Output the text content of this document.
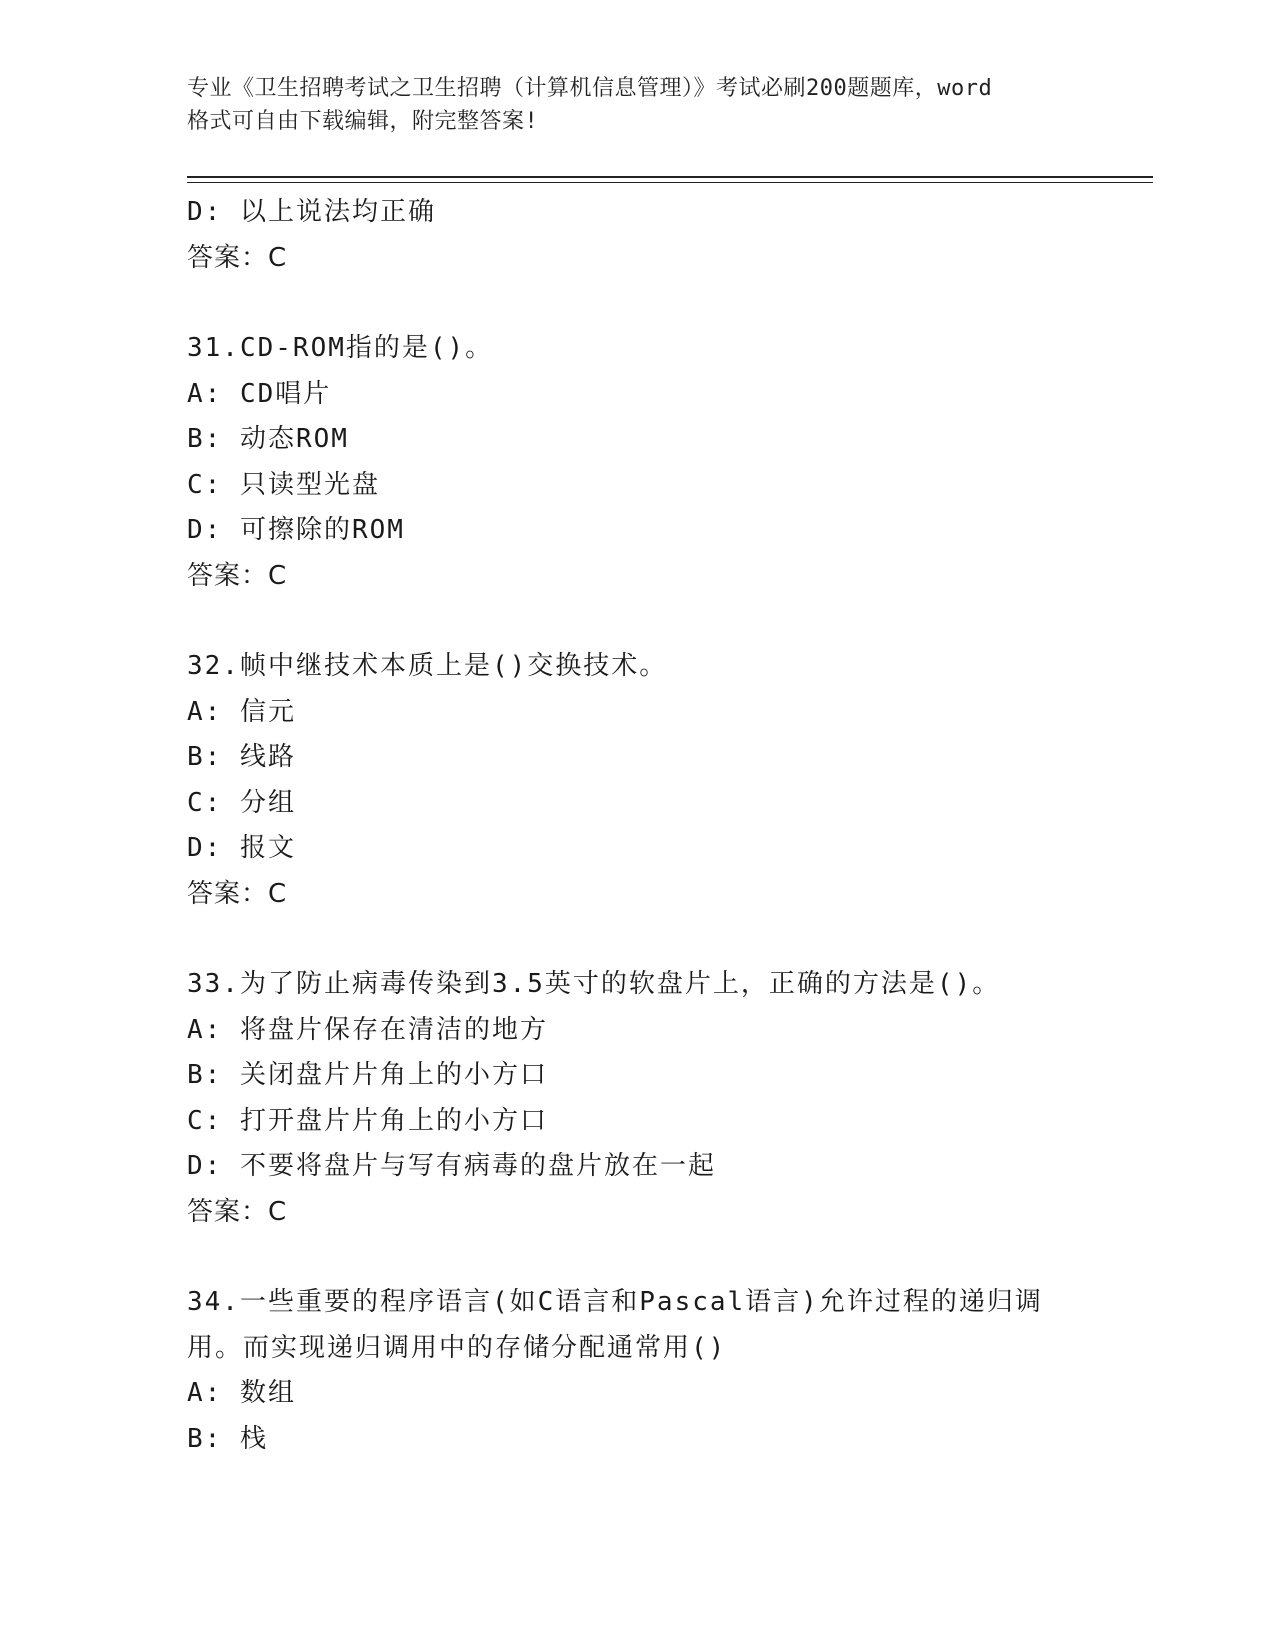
专业《卫生招聘考试之卫生招聘（计算机信息管理）》考试必刷200题题库，word
格式可自由下载编辑，附完整答案!
D: 以上说法均正确
答案：C
31.CD-ROM指的是()。
A: CD唱片
B: 动态ROM
C: 只读型光盘
D: 可擦除的ROM
答案：C
32.帧中继技术本质上是()交换技术。
A: 信元
B: 线路
C: 分组
D: 报文
答案：C
33.为了防止病毒传染到3.5英寸的软盘片上，正确的方法是()。
A: 将盘片保存在清洁的地方
B: 关闭盘片片角上的小方口
C: 打开盘片片角上的小方口
D: 不要将盘片与写有病毒的盘片放在一起
答案：C
34.一些重要的程序语言(如C语言和Pascal语言)允许过程的递归调
用。而实现递归调用中的存储分配通常用()
A: 数组
B: 栈
